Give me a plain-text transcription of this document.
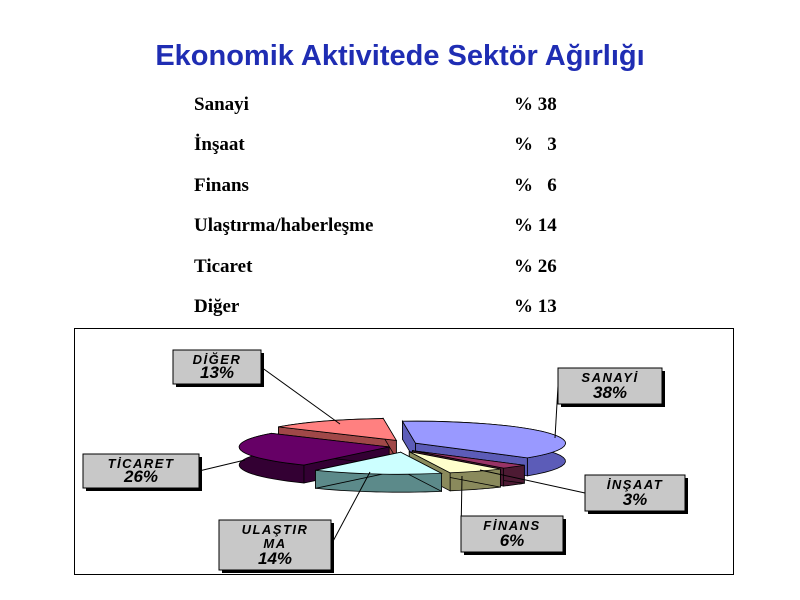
Ekonomik Aktivitede Sektör Ağırlığı
Sanayi	% 38
İnşaat	%   3
Finans	%   6
Ulaştırma/haberleşme	% 14
Ticaret	% 26
Diğer	% 13
SANAYİ
38%
İNŞAAT
3%
FİNANS
6%
ULAŞTIR
MA
14%
TİCARET
26%
DİĞER
13%
